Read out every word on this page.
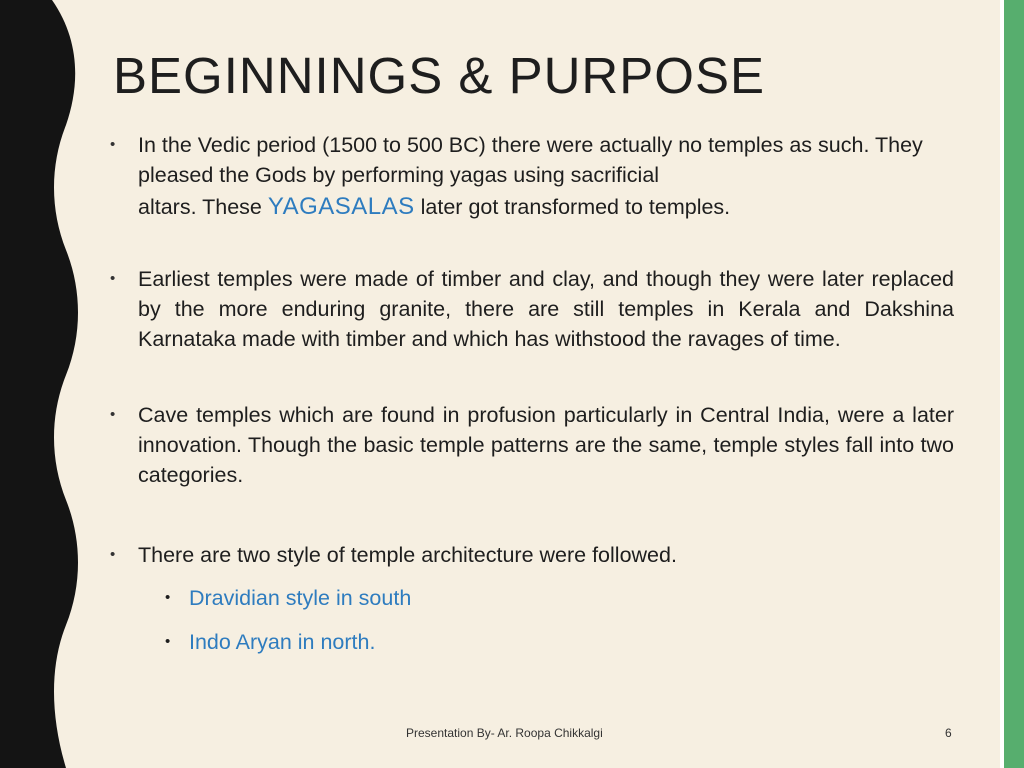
BEGINNINGS & PURPOSE
• In the Vedic period (1500 to 500 BC) there were actually no temples as such. They pleased the Gods by performing yagas using sacrificial
altars. These YAGASALAS later got transformed to temples.
• Earliest temples were made of timber and clay, and though they were later replaced by the more enduring granite, there are still temples in Kerala and Dakshina Karnataka made with timber and which has withstood the ravages of time.
• Cave temples which are found in profusion particularly in Central India, were a later innovation. Though the basic temple patterns are the same, temple styles fall into two categories.
• There are two style of temple architecture were followed.
• Dravidian style in south
• Indo Aryan in north.
Presentation By- Ar. Roopa Chikkalgi	6
